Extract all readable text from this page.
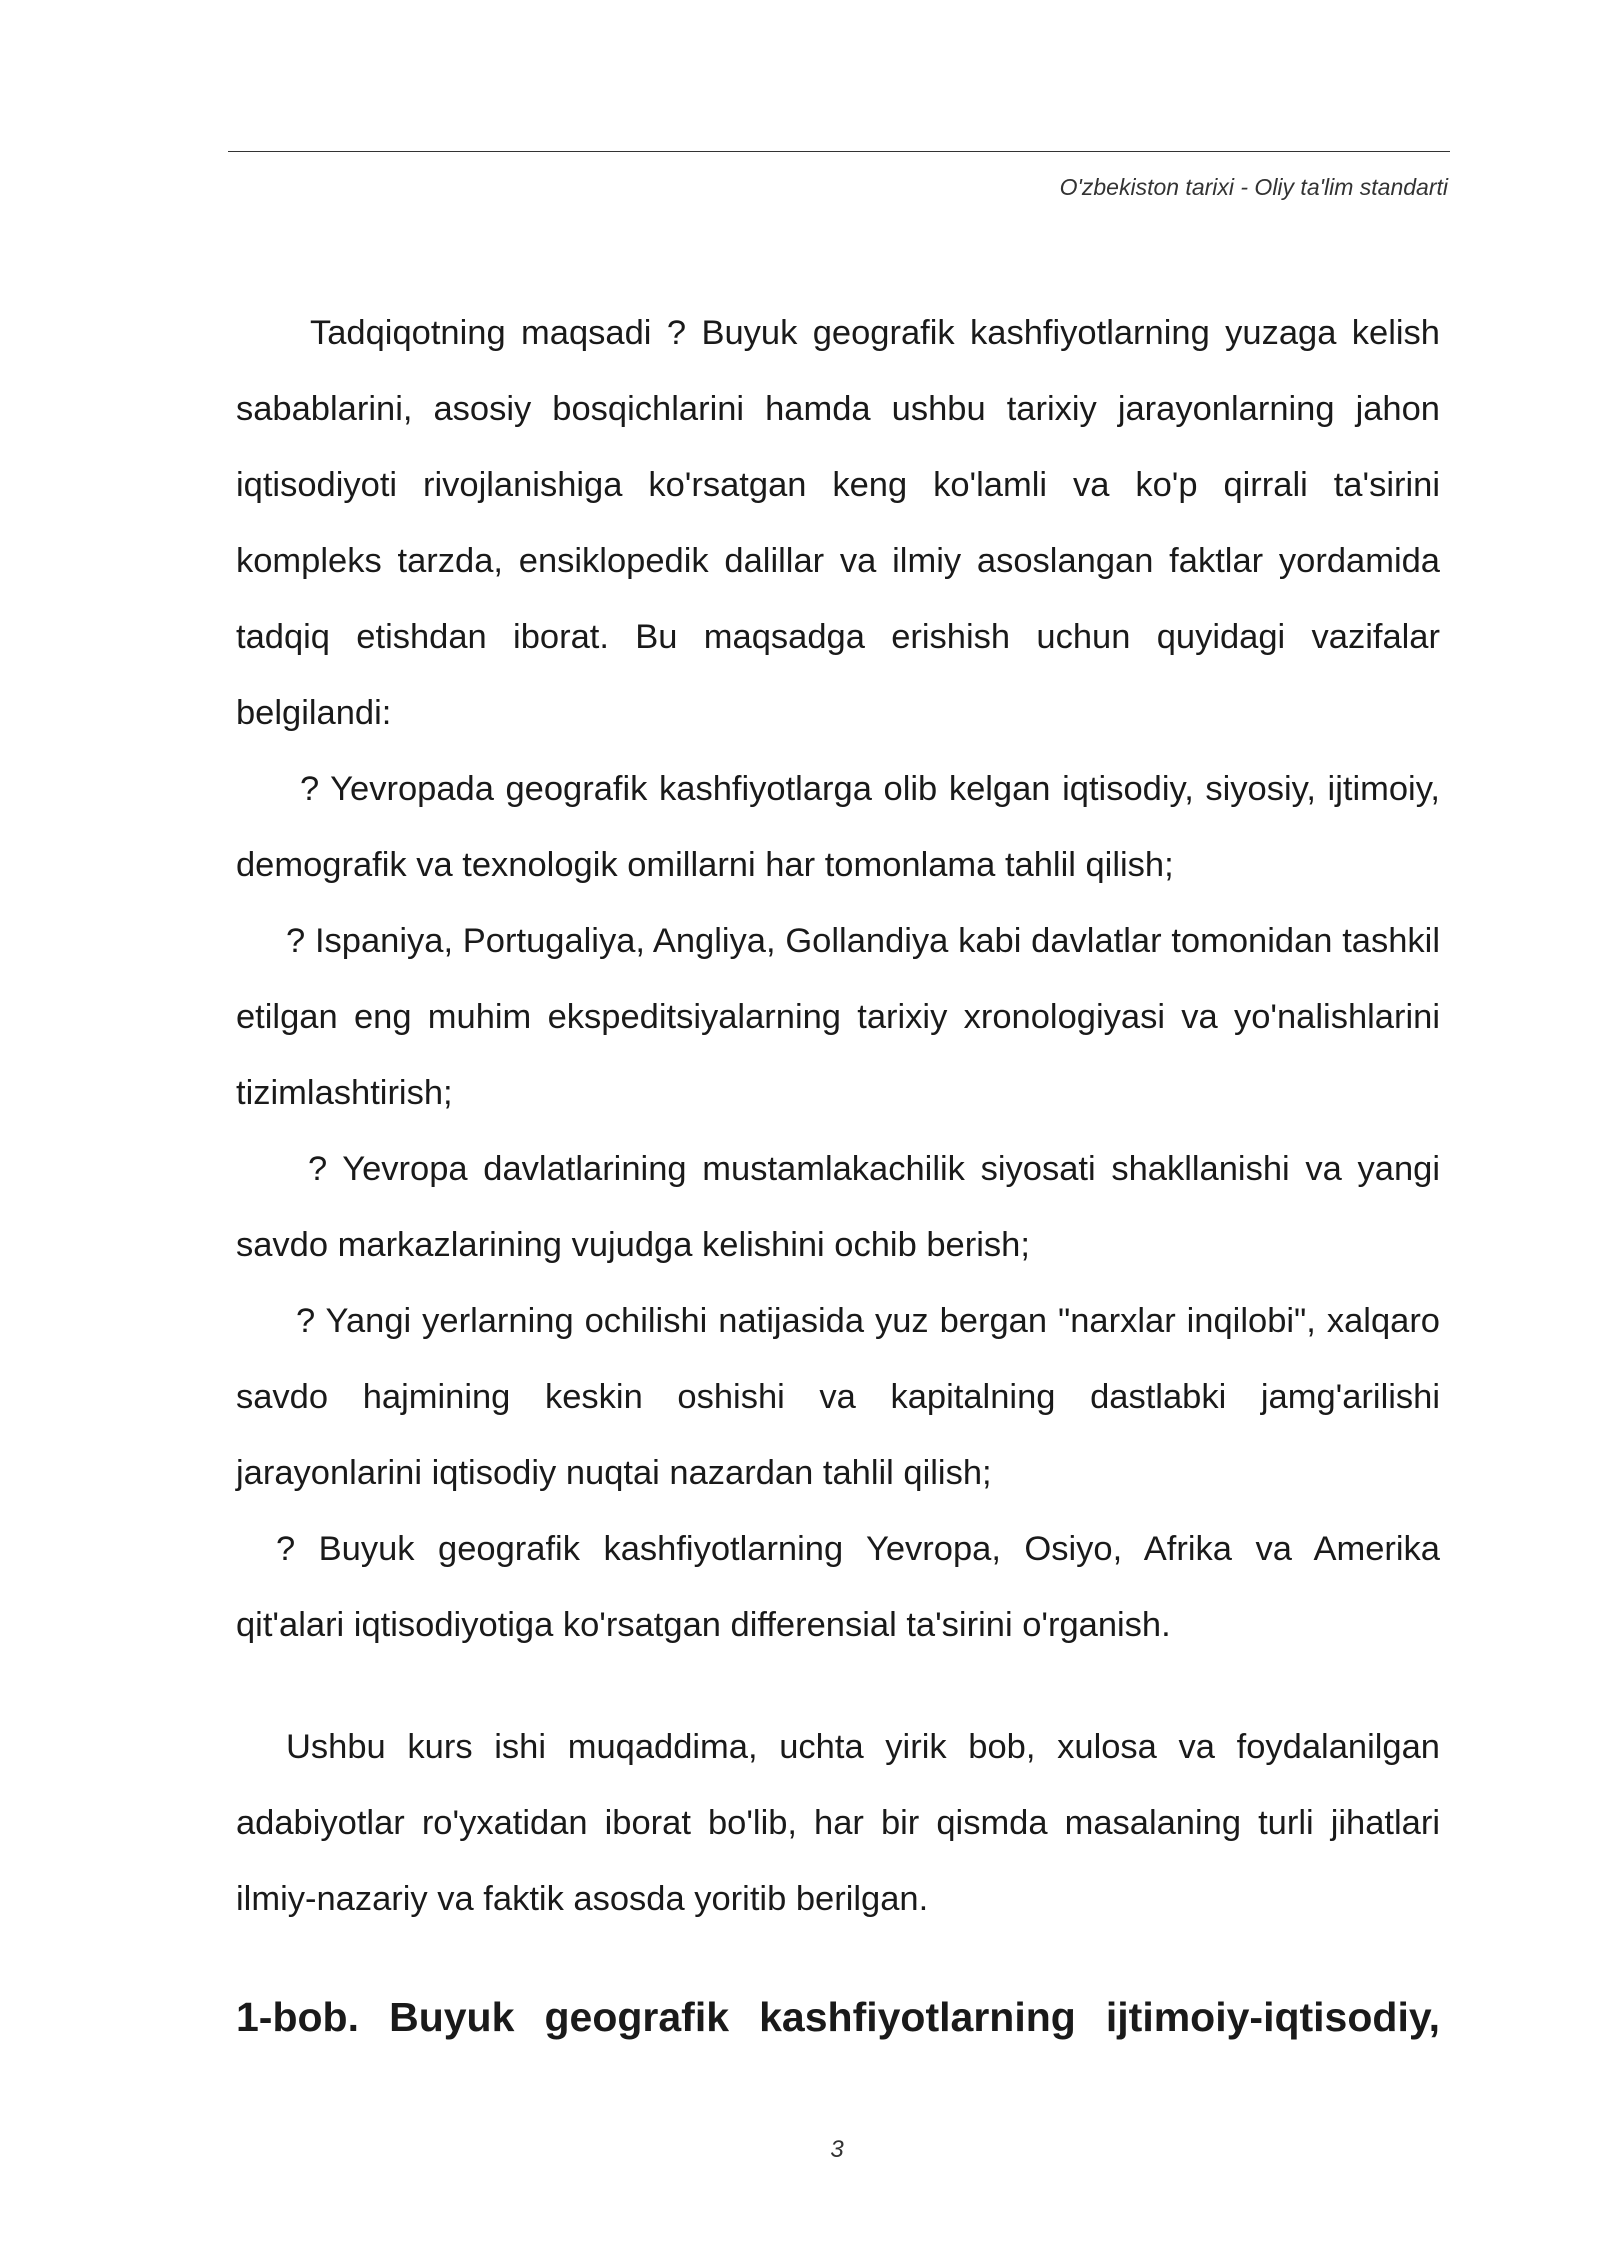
O'zbekiston tarixi - Oliy ta'lim standarti

Tadqiqotning maqsadi ? Buyuk geografik kashfiyotlarning yuzaga kelish sabablarini, asosiy bosqichlarini hamda ushbu tarixiy jarayonlarning jahon iqtisodiyoti rivojlanishiga ko'rsatgan keng ko'lamli va ko'p qirrali ta'sirini kompleks tarzda, ensiklopedik dalillar va ilmiy asoslangan faktlar yordamida tadqiq etishdan iborat. Bu maqsadga erishish uchun quyidagi vazifalar belgilandi:

? Yevropada geografik kashfiyotlarga olib kelgan iqtisodiy, siyosiy, ijtimoiy, demografik va texnologik omillarni har tomonlama tahlil qilish;

? Ispaniya, Portugaliya, Angliya, Gollandiya kabi davlatlar tomonidan tashkil etilgan eng muhim ekspeditsiyalarning tarixiy xronologiyasi va yo'nalishlarini tizimlashtirish;

? Yevropa davlatlarining mustamlakachilik siyosati shakllanishi va yangi savdo markazlarining vujudga kelishini ochib berish;

? Yangi yerlarning ochilishi natijasida yuz bergan "narxlar inqilobi", xalqaro savdo hajmining keskin oshishi va kapitalning dastlabki jamg'arilishi jarayonlarini iqtisodiy nuqtai nazardan tahlil qilish;

? Buyuk geografik kashfiyotlarning Yevropa, Osiyo, Afrika va Amerika qit'alari iqtisodiyotiga ko'rsatgan differensial ta'sirini o'rganish.

Ushbu kurs ishi muqaddima, uchta yirik bob, xulosa va foydalanilgan adabiyotlar ro'yxatidan iborat bo'lib, har bir qismda masalaning turli jihatlari ilmiy-nazariy va faktik asosda yoritib berilgan.

1-bob. Buyuk geografik kashfiyotlarning ijtimoiy-iqtisodiy,

3
